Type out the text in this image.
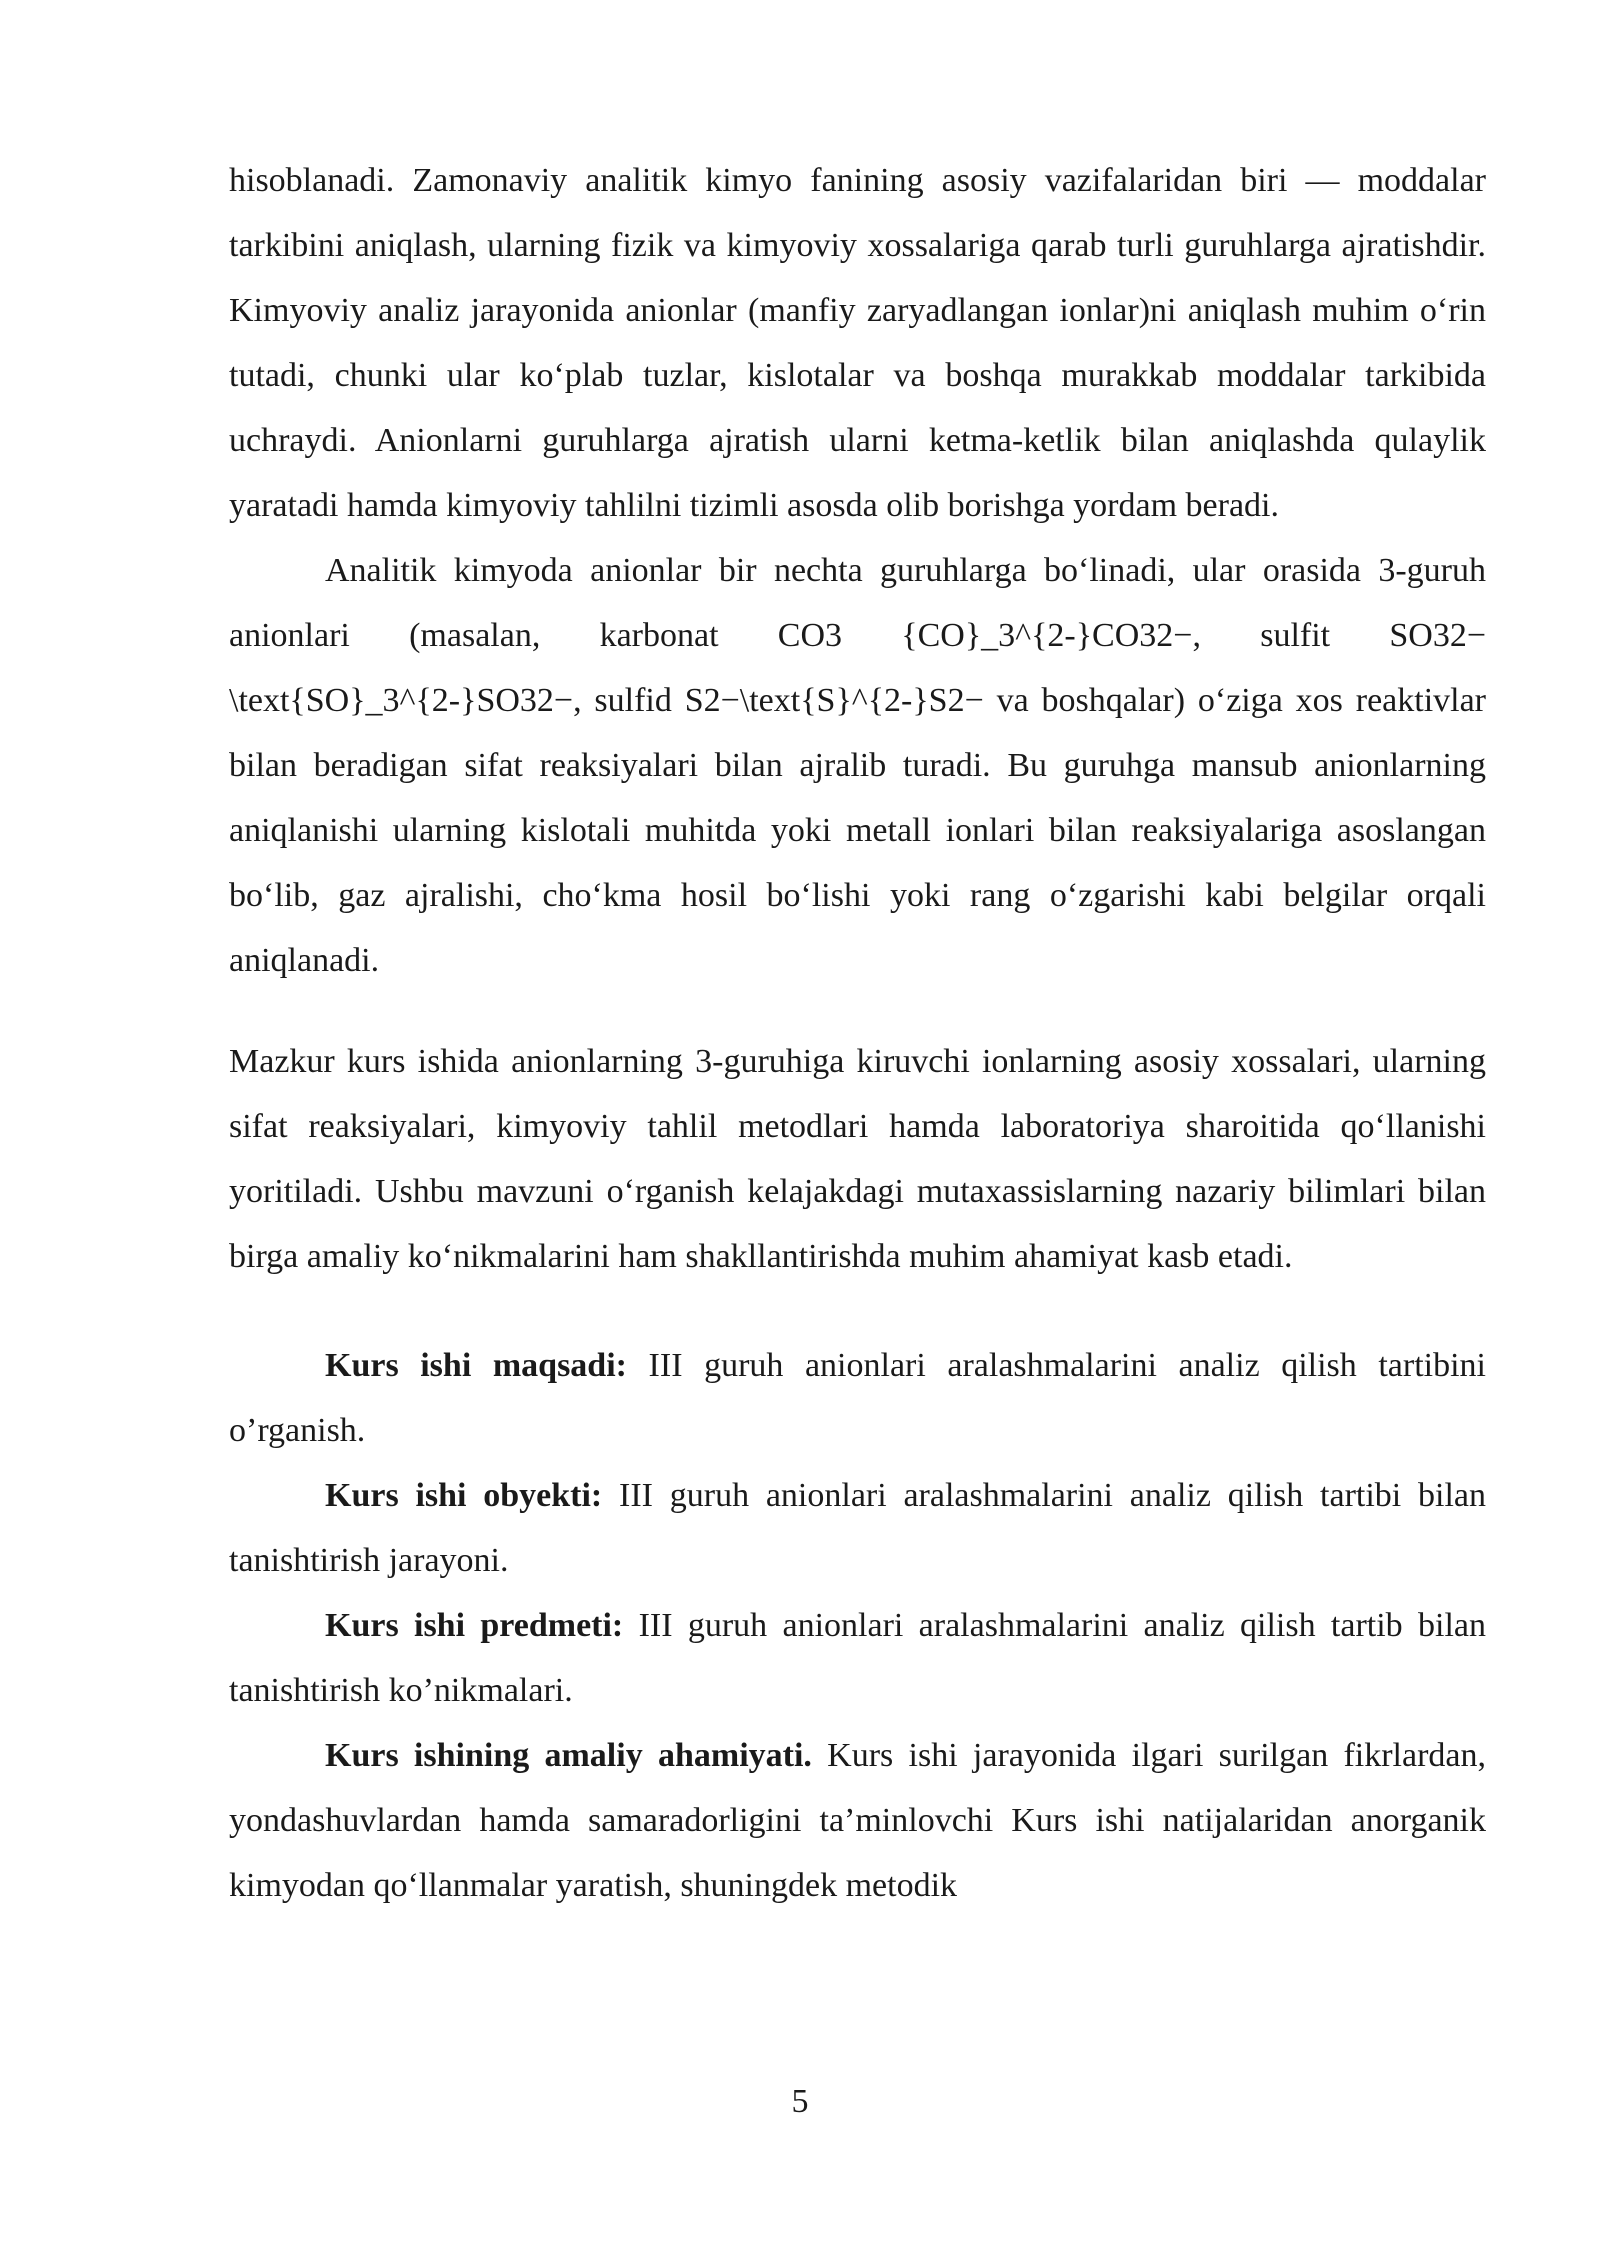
hisoblanadi. Zamonaviy analitik kimyo fanining asosiy vazifalaridan biri — moddalar tarkibini aniqlash, ularning fizik va kimyoviy xossalariga qarab turli guruhlarga ajratishdir. Kimyoviy analiz jarayonida anionlar (manfiy zaryadlangan ionlar)ni aniqlash muhim o‘rin tutadi, chunki ular ko‘plab tuzlar, kislotalar va boshqa murakkab moddalar tarkibida uchraydi. Anionlarni guruhlarga ajratish ularni ketma-ketlik bilan aniqlashda qulaylik yaratadi hamda kimyoviy tahlilni tizimli asosda olib borishga yordam beradi.

Analitik kimyoda anionlar bir nechta guruhlarga bo‘linadi, ular orasida 3-guruh anionlari (masalan, karbonat CO3 {CO}_3^{2-}CO32−, sulfit SO32− \text{SO}_3^{2-}SO32−, sulfid S2−\text{S}^{2-}S2− va boshqalar) o‘ziga xos reaktivlar bilan beradigan sifat reaksiyalari bilan ajralib turadi. Bu guruhga mansub anionlarning aniqlanishi ularning kislotali muhitda yoki metall ionlari bilan reaksiyalariga asoslangan bo‘lib, gaz ajralishi, cho‘kma hosil bo‘lishi yoki rang o‘zgarishi kabi belgilar orqali aniqlanadi.

Mazkur kurs ishida anionlarning 3-guruhiga kiruvchi ionlarning asosiy xossalari, ularning sifat reaksiyalari, kimyoviy tahlil metodlari hamda laboratoriya sharoitida qo‘llanishi yoritiladi. Ushbu mavzuni o‘rganish kelajakdagi mutaxassislarning nazariy bilimlari bilan birga amaliy ko‘nikmalarini ham shakllantirishda muhim ahamiyat kasb etadi.

Kurs ishi maqsadi: III guruh anionlari aralashmalarini analiz qilish tartibini o’rganish.

Kurs ishi obyekti: III guruh anionlari aralashmalarini analiz qilish tartibi bilan tanishtirish jarayoni.

Kurs ishi predmeti: III guruh anionlari aralashmalarini analiz qilish tartib bilan tanishtirish ko’nikmalari.

Kurs ishining amaliy ahamiyati. Kurs ishi jarayonida ilgari surilgan fikrlardan, yondashuvlardan hamda samaradorligini ta’minlovchi Kurs ishi natijalaridan anorganik kimyodan qo‘llanmalar yaratish, shuningdek metodik

5
